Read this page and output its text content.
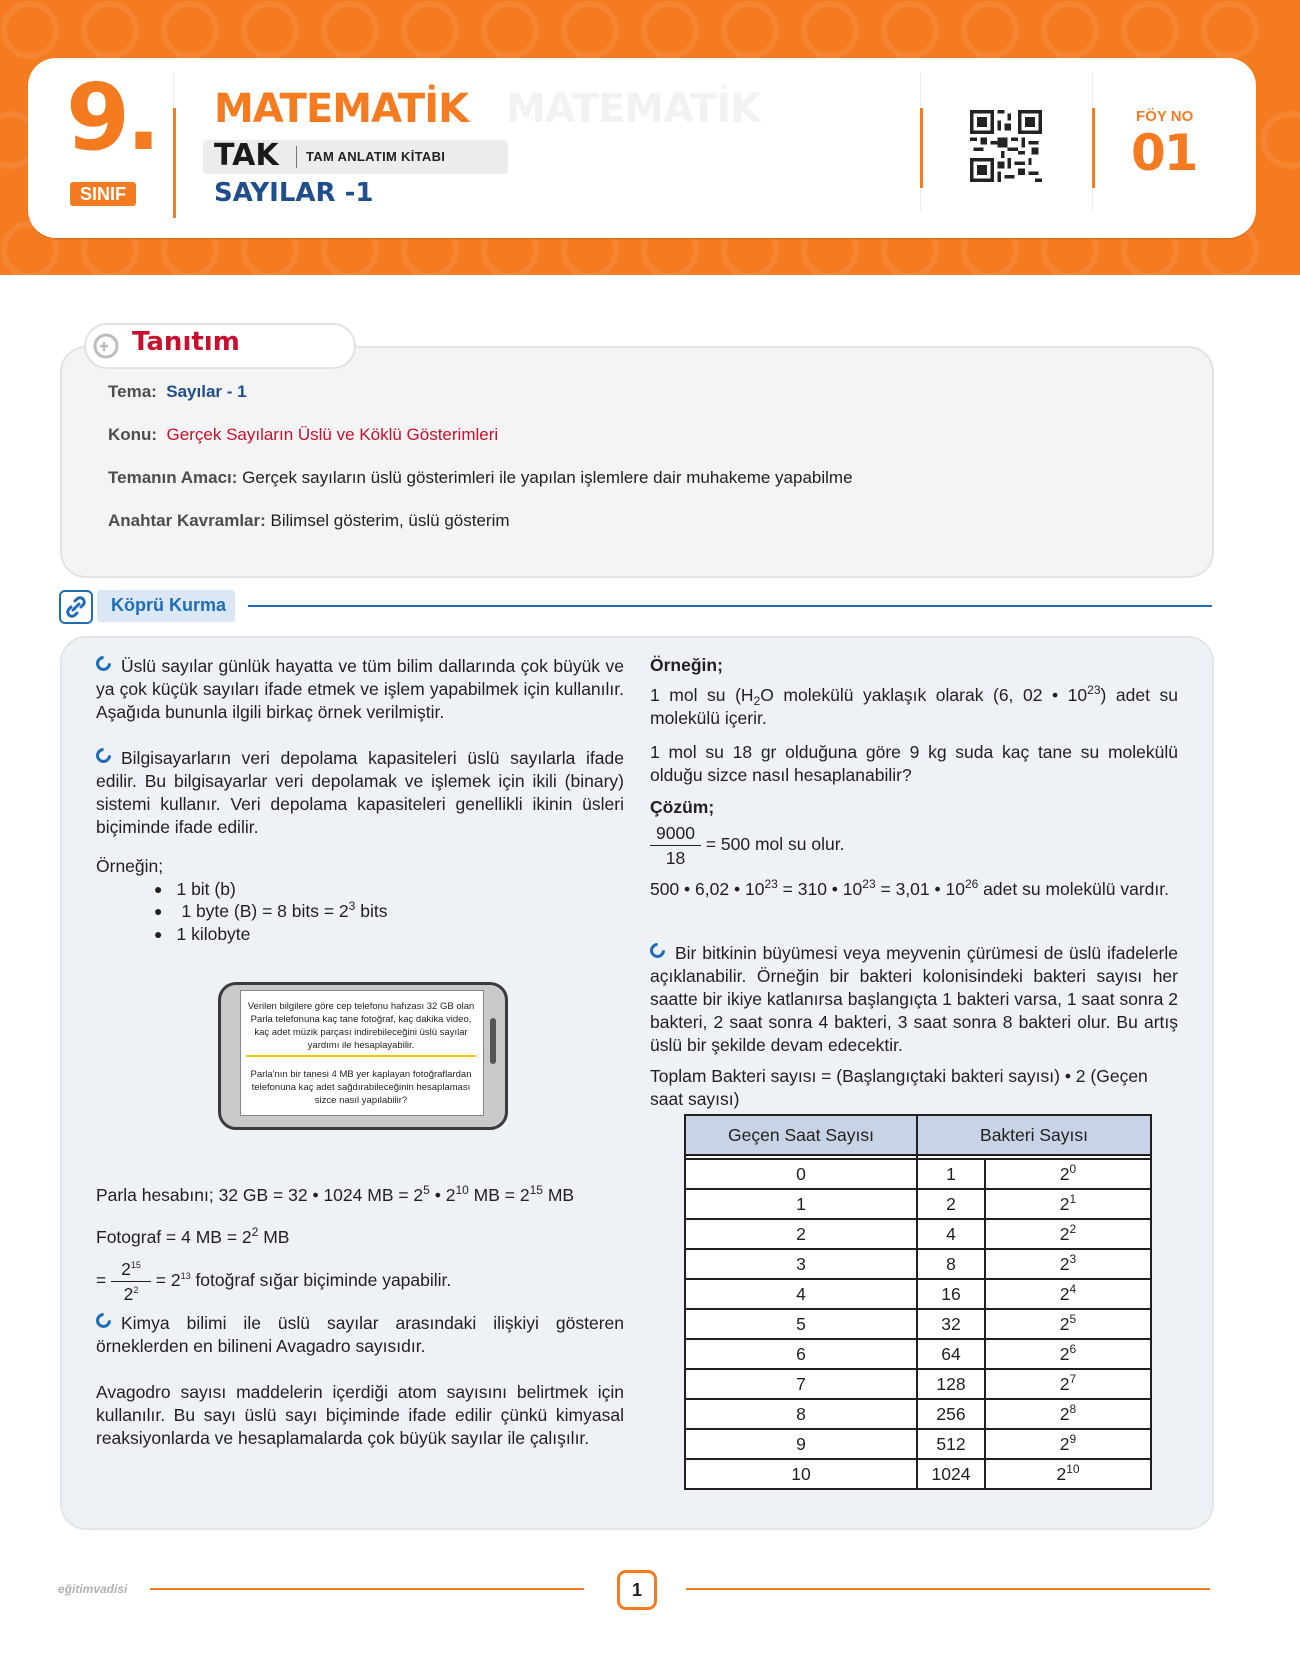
9.
SINIF
MATEMATİK
MATEMATİK
TAK TAM ANLATIM KİTABI
SAYILAR -1
FÖY NO
01
Tanıtım
Tema: Sayılar - 1
Konu: Gerçek Sayıların Üslü ve Köklü Gösterimleri
Temanın Amacı: Gerçek sayıların üslü gösterimleri ile yapılan işlemlere dair muhakeme yapabilme
Anahtar Kavramlar: Bilimsel gösterim, üslü gösterim
Köprü Kurma
Üslü sayılar günlük hayatta ve tüm bilim dallarında çok büyük ve ya çok küçük sayıları ifade etmek ve işlem yapabilmek için kullanılır. Aşağıda bununla ilgili birkaç örnek verilmiştir.
Bilgisayarların veri depolama kapasiteleri üslü sayılarla ifade edilir. Bu bilgisayarlar veri depolamak ve işlemek için ikili (binary) sistemi kullanır. Veri depolama kapasiteleri genellikli ikinin üsleri biçiminde ifade edilir.
Örneğin;
● 1 bit (b)
● 1 byte (B) = 8 bits = $2^3$ bits
● 1 kilobyte
Verilen bilgilere göre cep telefonu hafızası 32 GB olan Parla telefonuna kaç tane fotoğraf, kaç dakika video, kaç adet müzik parçası indirebileceğini üslü sayılar yardımı ile hesaplayabilir.
Parla'nın bir tanesi 4 MB yer kaplayan fotoğraflardan telefonuna kaç adet sağdırabileceğinin hesaplaması sizce nasıl yapılabilir?
Parla hesabını; 32 GB = 32 • 1024 MB = $2^5$ • $2^{10}$ MB = $2^{15}$ MB
Fotograf = 4 MB = $2^2$ MB
= $\frac{2^{15}}{2^2} = 2^{13}$ fotoğraf sığar biçiminde yapabilir.
Kimya bilimi ile üslü sayılar arasındaki ilişkiyi gösteren örneklerden en bilineni Avagadro sayısıdır.
Avagodro sayısı maddelerin içerdiği atom sayısını belirtmek için kullanılır. Bu sayı üslü sayı biçiminde ifade edilir çünkü kimyasal reaksiyonlarda ve hesaplamalarda çok büyük sayılar ile çalışılır.
Örneğin;
1 mol su ($H_2O$ molekülü yaklaşık olarak (6, 02 • $10^{23}$) adet su molekülü içerir.
1 mol su 18 gr olduğuna göre 9 kg suda kaç tane su molekülü olduğu sizce nasıl hesaplanabilir?
Çözüm;
$\frac{9000}{18} = 500$ mol su olur.
500 • 6,02 • $10^{23} = 310$ • $10^{23} = 3,01$ • $10^{26}$ adet su molekülü vardır.
Bir bitkinin büyümesi veya meyvenin çürümesi de üslü ifadelerle açıklanabilir. Örneğin bir bakteri kolonisindeki bakteri sayısı her saatte bir ikiye katlanırsa başlangıçta 1 bakteri varsa, 1 saat sonra 2 bakteri, 2 saat sonra 4 bakteri, 3 saat sonra 8 bakteri olur. Bu artış üslü bir şekilde devam edecektir.
Toplam Bakteri sayısı = (Başlangıçtaki bakteri sayısı) • 2 (Geçen saat sayısı)
Geçen Saat Sayısı	Bakteri Sayısı	

0	1	$2^0$
1	2	$2^1$
2	4	$2^2$
3	8	$2^3$
4	16	$2^4$
5	32	$2^5$
6	64	$2^6$
7	128	$2^7$
8	256	$2^8$
9	512	$2^9$
10	1024	$2^{10}$
eğitimvadisi	1
